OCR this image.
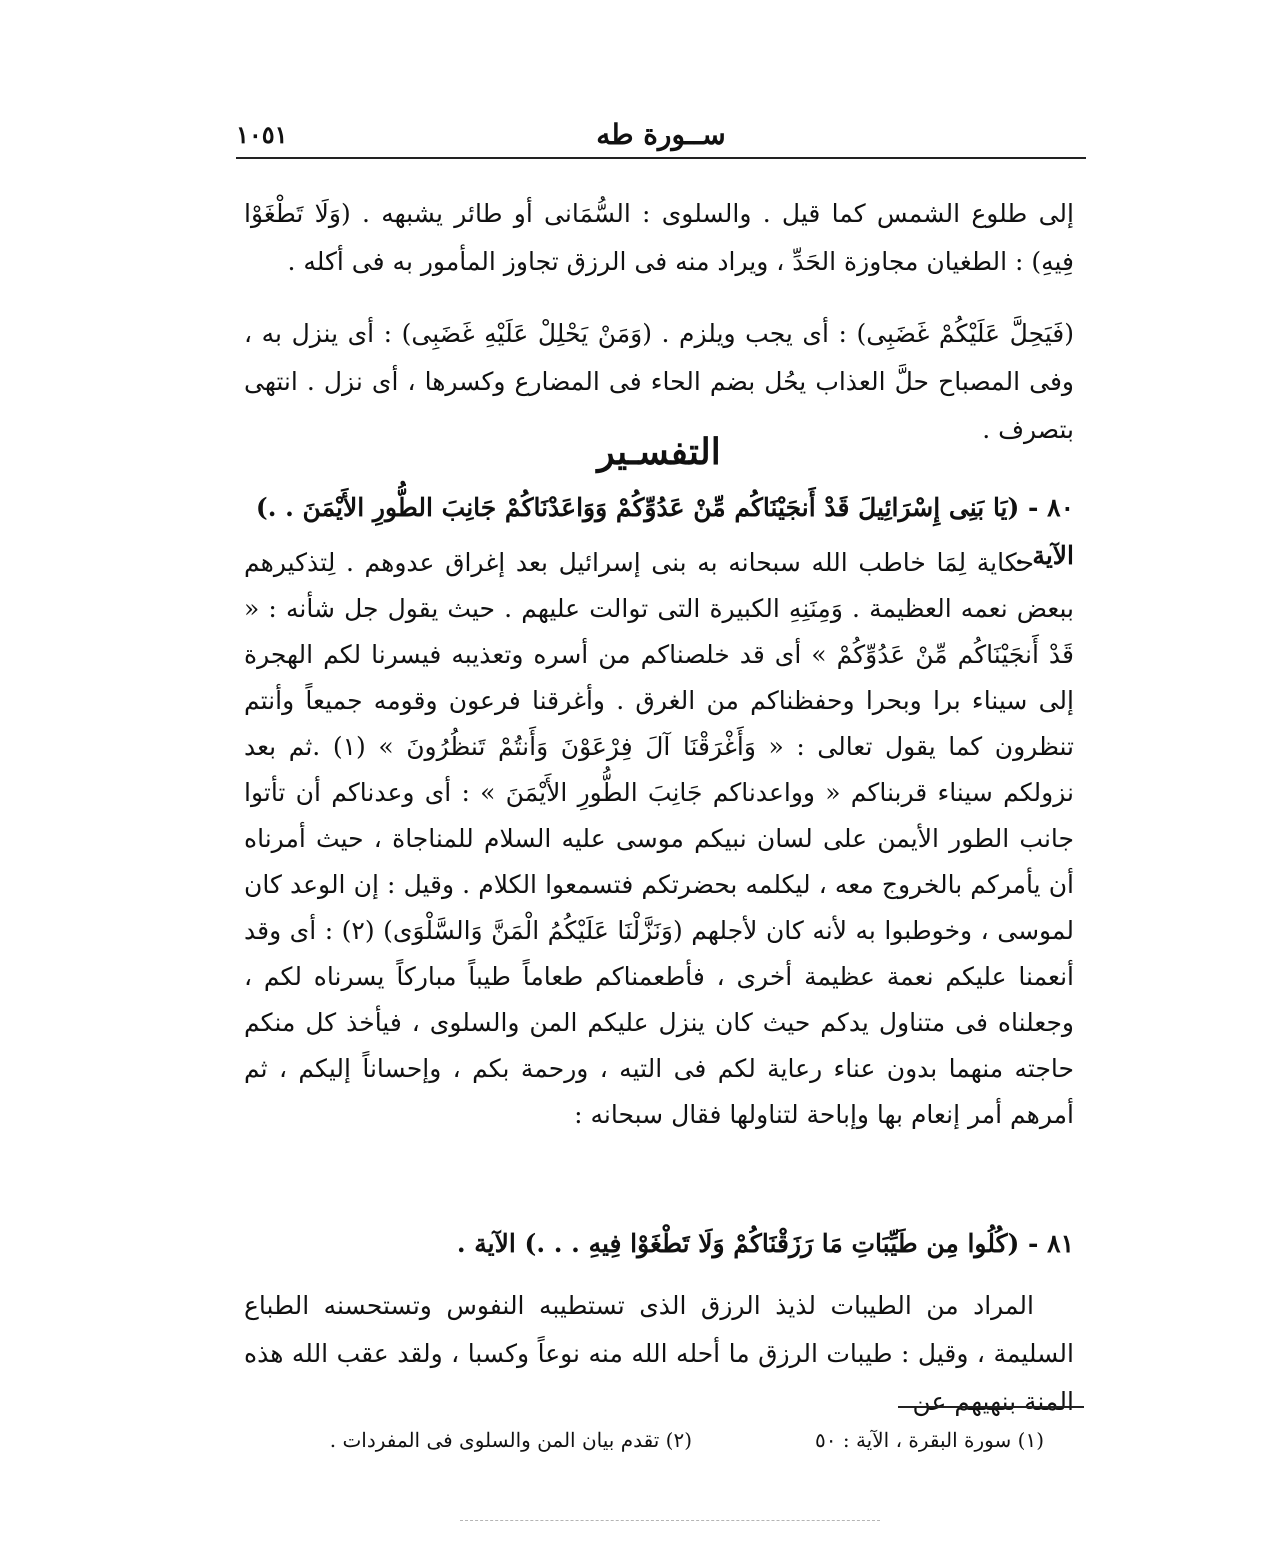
ســورة طه
١٠٥١

إلى طلوع الشمس كما قيل . والسلوى : السُّمَانى أو طائر يشبهه . (وَلَا تَطْغَوْا فِيهِ) : الطغيان مجاوزة الحَدِّ ، ويراد منه فى الرزق تجاوز المأمور به فى أكله .

(فَيَحِلَّ عَلَيْكُمْ غَضَبِى) : أى يجب ويلزم . (وَمَنْ يَحْلِلْ عَلَيْهِ غَضَبِى) : أى ينزل به ، وفى المصباح حلَّ العذاب يحُل بضم الحاء فى المضارع وكسرها ، أى نزل . انتهى بتصرف .

التفسـير

٨٠ - (يَا بَنِى إِسْرَائِيلَ قَدْ أَنجَيْنَاكُم مِّنْ عَدُوِّكُمْ وَوَاعَدْنَاكُمْ جَانِبَ الطُّورِ الأَيْمَنَ . .) الآية .

حكاية لِمَا خاطب الله سبحانه به بنى إسرائيل بعد إغراق عدوهم . لِتذكيرهم ببعض نعمه العظيمة . وَمِنَنِهِ الكبيرة التى توالت عليهم . حيث يقول جل شأنه : « قَدْ أَنجَيْنَاكُم مِّنْ عَدُوِّكُمْ » أى قد خلصناكم من أسره وتعذيبه فيسرنا لكم الهجرة إلى سيناء برا وبحرا وحفظناكم من الغرق . وأغرقنا فرعون وقومه جميعاً وأنتم تنظرون كما يقول تعالى : « وَأَغْرَقْنَا آلَ فِرْعَوْنَ وَأَنتُمْ تَنظُرُونَ » (١) .ثم بعد نزولكم سيناء قربناكم « وواعدناكم جَانِبَ الطُّورِ الأَيْمَنَ » : أى وعدناكم أن تأتوا جانب الطور الأيمن على لسان نبيكم موسى عليه السلام للمناجاة ، حيث أمرناه أن يأمركم بالخروج معه ، ليكلمه بحضرتكم فتسمعوا الكلام . وقيل : إن الوعد كان لموسى ، وخوطبوا به لأنه كان لأجلهم (وَنَزَّلْنَا عَلَيْكُمُ الْمَنَّ وَالسَّلْوَى) (٢) : أى وقد أنعمنا عليكم نعمة عظيمة أخرى ، فأطعمناكم طعاماً طيباً مباركاً يسرناه لكم ، وجعلناه فى متناول يدكم حيث كان ينزل عليكم المن والسلوى ، فيأخذ كل منكم حاجته منهما بدون عناء رعاية لكم فى التيه ، ورحمة بكم ، وإحساناً إليكم ، ثم أمرهم أمر إنعام بها وإباحة لتناولها فقال سبحانه :

٨١ - (كُلُوا مِن طَيِّبَاتِ مَا رَزَقْنَاكُمْ وَلَا تَطْغَوْا فِيهِ . . .) الآية .

المراد من الطيبات لذيذ الرزق الذى تستطيبه النفوس وتستحسنه الطباع السليمة ، وقيل : طيبات الرزق ما أحله الله منه نوعاً وكسبا ، ولقد عقب الله هذه المنة بنهيهم عن

(١) سورة البقرة ، الآية : ٥٠
(٢) تقدم بيان المن والسلوى فى المفردات .
